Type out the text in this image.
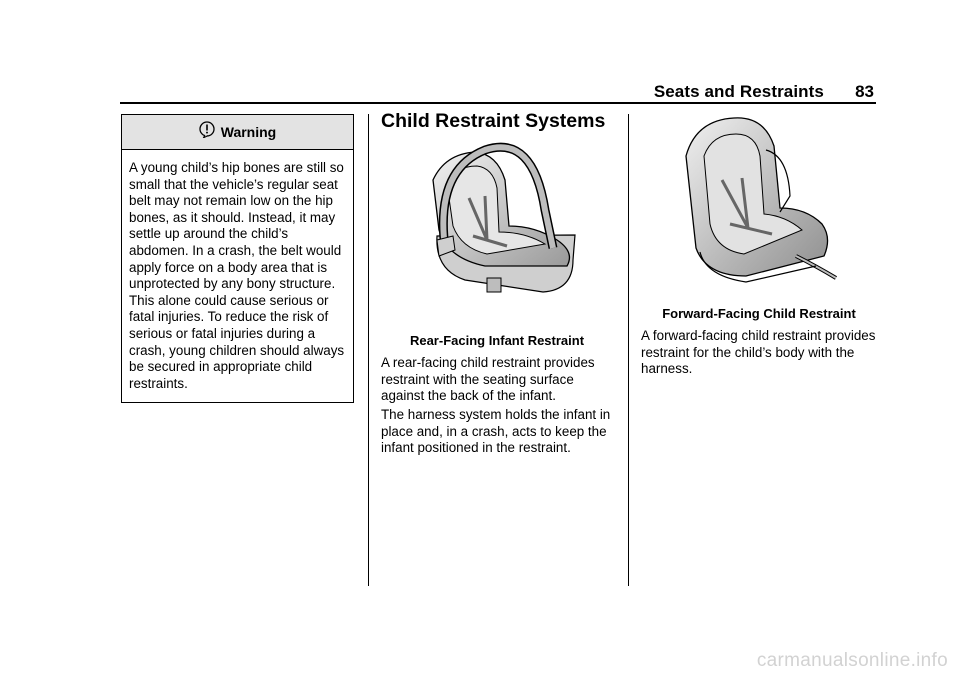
Seats and Restraints 83
Warning
A young child’s hip bones are still so small that the vehicle’s regular seat belt may not remain low on the hip bones, as it should. Instead, it may settle up around the child’s abdomen. In a crash, the belt would apply force on a body area that is unprotected by any bony structure. This alone could cause serious or fatal injuries. To reduce the risk of serious or fatal injuries during a crash, young children should always be secured in appropriate child restraints.
Child Restraint Systems
Rear-Facing Infant Restraint

A rear-facing child restraint provides restraint with the seating surface against the back of the infant.

The harness system holds the infant in place and, in a crash, acts to keep the infant positioned in the restraint.

Forward-Facing Child Restraint

A forward-facing child restraint provides restraint for the child’s body with the harness.

carmanualsonline.info
